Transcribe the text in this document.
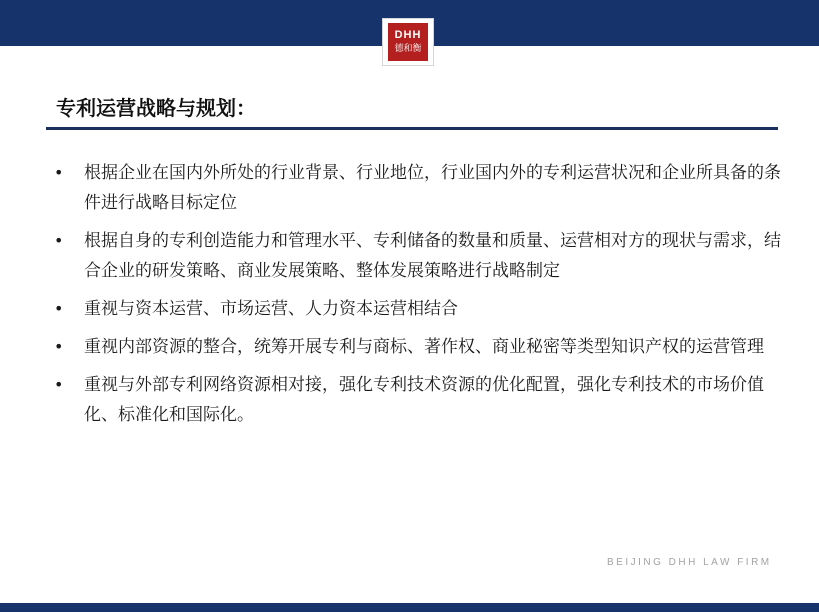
DHH
德和衡
专利运营战略与规划：
•	根据企业在国内外所处的行业背景、行业地位，行业国内外的专利运营状况和企业所具备的条件进行战略目标定位
•	根据自身的专利创造能力和管理水平、专利储备的数量和质量、运营相对方的现状与需求，结合企业的研发策略、商业发展策略、整体发展策略进行战略制定
•	重视与资本运营、市场运营、人力资本运营相结合
•	重视内部资源的整合，统筹开展专利与商标、著作权、商业秘密等类型知识产权的运营管理
•	重视与外部专利网络资源相对接，强化专利技术资源的优化配置，强化专利技术的市场价值化、标准化和国际化。
BEIJING DHH LAW FIRM
